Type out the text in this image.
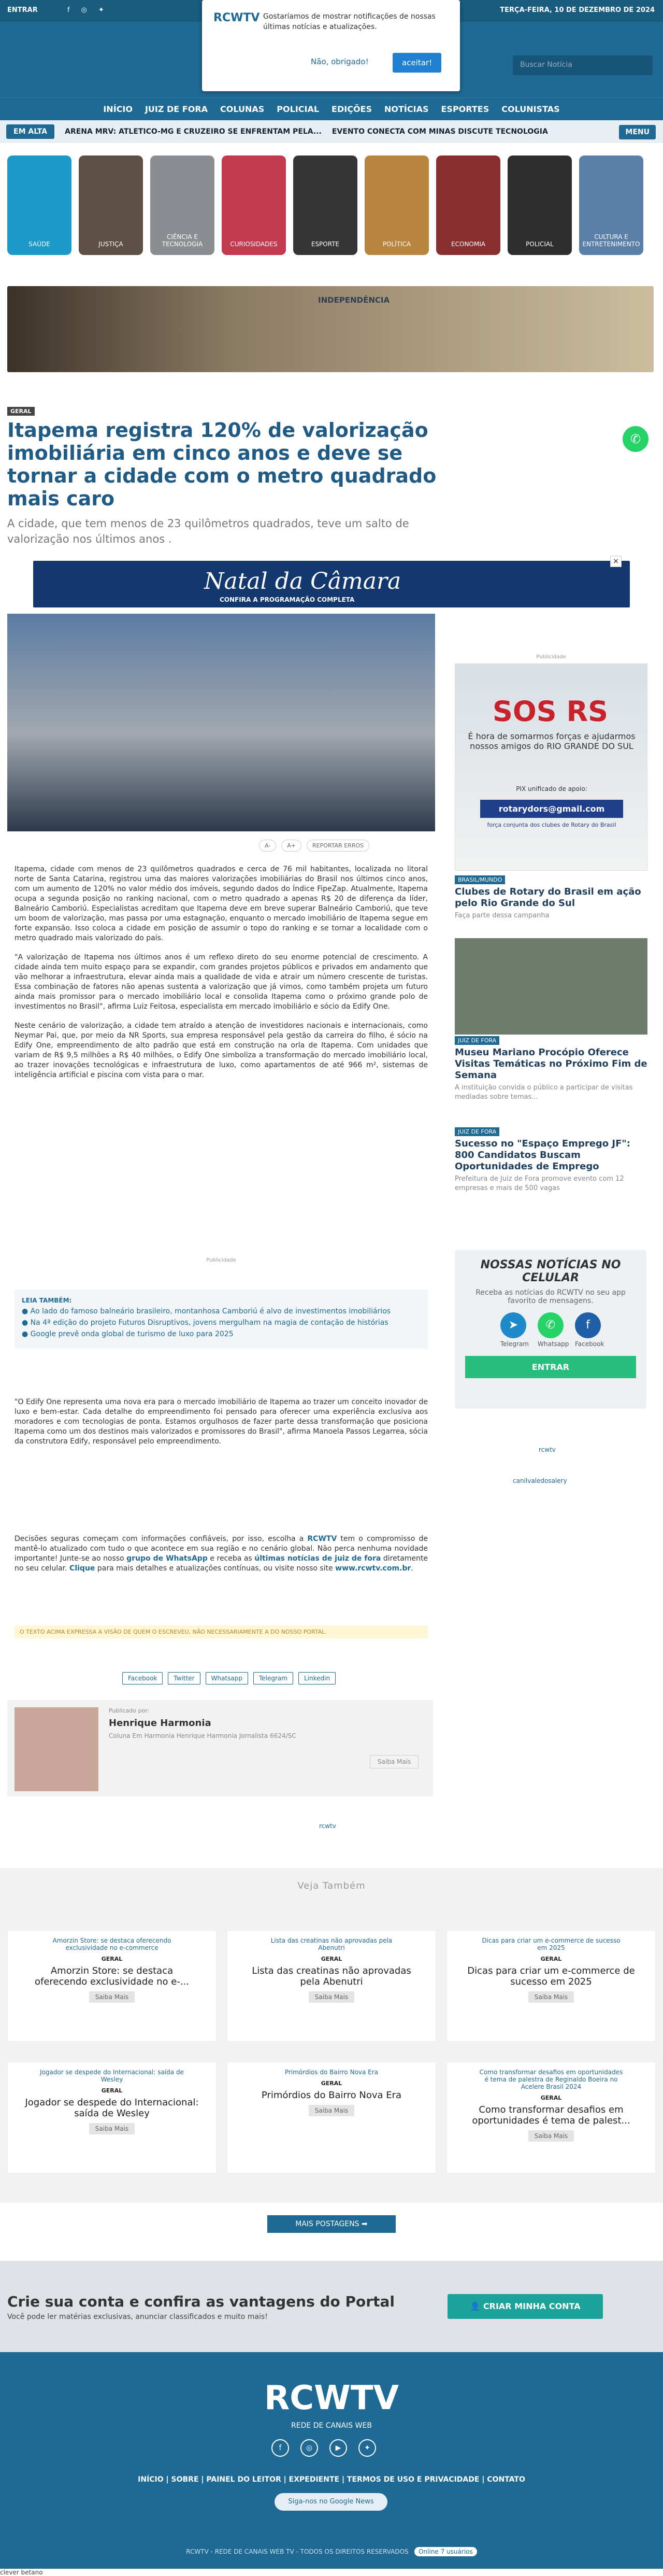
ENTRAR	f ◎ ✦	TERÇA-FEIRA, 10 DE DEZEMBRO DE 2024
Buscar Notícia
INÍCIO JUIZ DE FORA COLUNAS POLICIAL EDIÇÕES NOTÍCIAS ESPORTES COLUNISTAS
EM ALTA	ARENA MRV: ATLETICO-MG E CRUZEIRO SE ENFRENTAM PELA... EVENTO CONECTA COM MINAS DISCUTE TECNOLOGIA	MENU
RCWTV Gostaríamos de mostrar notificações de nossas últimas notícias e atualizações.
Não, obrigado!	aceitar!
SAÚDE	JUSTIÇA
CIÊNCIA E TECNOLOGIA	CURIOSIDADES	ESPORTE	POLÍTICA	ECONOMIA	POLICIAL
CULTURA E ENTRETENIMENTO
INDEPENDÊNCIA
GERAL
Itapema registra 120% de valorização imobiliária em cinco anos e deve se tornar a cidade com o metro quadrado mais caro

A cidade, que tem menos de 23 quilômetros quadrados, teve um salto de valorização nos últimos anos .

✆
Natal da Câmara
CONFIRA A PROGRAMAÇÃO COMPLETA
×
A-	A+	REPORTAR ERROS

Itapema, cidade com menos de 23 quilômetros quadrados e cerca de 76 mil habitantes, localizada no litoral norte de Santa Catarina, registrou uma das maiores valorizações imobiliárias do Brasil nos últimos cinco anos, com um aumento de 120% no valor médio dos imóveis, segundo dados do Índice FipeZap. Atualmente, Itapema ocupa a segunda posição no ranking nacional, com o metro quadrado a apenas R$ 20 de diferença da líder, Balneário Camboriú. Especialistas acreditam que Itapema deve em breve superar Balneário Camboriú, que teve um boom de valorização, mas passa por uma estagnação, enquanto o mercado imobiliário de Itapema segue em forte expansão. Isso coloca a cidade em posição de assumir o topo do ranking e se tornar a localidade com o metro quadrado mais valorizado do país.

"A valorização de Itapema nos últimos anos é um reflexo direto do seu enorme potencial de crescimento. A cidade ainda tem muito espaço para se expandir, com grandes projetos públicos e privados em andamento que vão melhorar a infraestrutura, elevar ainda mais a qualidade de vida e atrair um número crescente de turistas. Essa combinação de fatores não apenas sustenta a valorização que já vimos, como também projeta um futuro ainda mais promissor para o mercado imobiliário local e consolida Itapema como o próximo grande polo de investimentos no Brasil", afirma Luiz Feitosa, especialista em mercado imobiliário e sócio da Edify One.

Neste cenário de valorização, a cidade tem atraído a atenção de investidores nacionais e internacionais, como Neymar Pai, que, por meio da NR Sports, sua empresa responsável pela gestão da carreira do filho, é sócio na Edify One, empreendimento de alto padrão que está em construção na orla de Itapema. Com unidades que variam de R$ 9,5 milhões a R$ 40 milhões, o Edify One simboliza a transformação do mercado imobiliário local, ao trazer inovações tecnológicas e infraestrutura de luxo, como apartamentos de até 966 m², sistemas de inteligência artificial e piscina com vista para o mar.

Publicidade
LEIA TAMBÉM:
● Ao lado do famoso balneário brasileiro, montanhosa Camboriú é alvo de investimentos imobiliários
● Na 4ª edição do projeto Futuros Disruptivos, jovens mergulham na magia de contação de histórias
● Google prevê onda global de turismo de luxo para 2025

"O Edify One representa uma nova era para o mercado imobiliário de Itapema ao trazer um conceito inovador de luxo e bem-estar. Cada detalhe do empreendimento foi pensado para oferecer uma experiência exclusiva aos moradores e com tecnologias de ponta. Estamos orgulhosos de fazer parte dessa transformação que posiciona Itapema como um dos destinos mais valorizados e promissores do Brasil", afirma Manoela Passos Legarrea, sócia da construtora Edify, responsável pelo empreendimento.

Decisões seguras começam com informações confiáveis, por isso, escolha a RCWTV tem o compromisso de mantê-lo atualizado com tudo o que acontece em sua região e no cenário global. Não perca nenhuma novidade importante! Junte-se ao nosso grupo de WhatsApp e receba as últimas notícias de juiz de fora diretamente no seu celular. Clique para mais detalhes e atualizações contínuas, ou visite nosso site www.rcwtv.com.br.

O TEXTO ACIMA EXPRESSA A VISÃO DE QUEM O ESCREVEU, NÃO NECESSARIAMENTE A DO NOSSO PORTAL.
Facebook	Twitter	Whatsapp	Telegram	Linkedin
Publicado por:
Henrique Harmonia
Coluna Em Harmonia Henrique Harmonia Jornalista 6624/SC
Saiba Mais
Publicidade
SOS RS
É hora de somarmos forças e ajudarmos nossos amigos do RIO GRANDE DO SUL
PIX unificado de apoio:
rotarydors@gmail.com
força conjunta dos clubes de Rotary do Brasil
BRASIL/MUNDO
Clubes de Rotary do Brasil em ação pelo Rio Grande do Sul
Faça parte dessa campanha
JUIZ DE FORA
Museu Mariano Procópio Oferece Visitas Temáticas no Próximo Fim de Semana
A instituição convida o público a participar de visitas mediadas sobre temas...
JUIZ DE FORA
Sucesso no "Espaço Emprego JF": 800 Candidatos Buscam Oportunidades de Emprego
Prefeitura de Juiz de Fora promove evento com 12 empresas e mais de 500 vagas
NOSSAS NOTÍCIAS NO CELULAR

Receba as notícias do RCWTV no seu app favorito de mensagens.

➤
Telegram
✆
Whatsapp
f
Facebook
ENTRAR
rcwtv
canilvaledosalery
rcwtv
Veja Também
Amorzin Store: se destaca oferecendo exclusividade no e-commerce
GERAL
Amorzin Store: se destaca oferecendo exclusividade no e-...
Saiba Mais
Lista das creatinas não aprovadas pela Abenutri
GERAL
Lista das creatinas não aprovadas pela Abenutri
Saiba Mais
Dicas para criar um e-commerce de sucesso em 2025
GERAL
Dicas para criar um e-commerce de sucesso em 2025
Saiba Mais
Jogador se despede do Internacional: saída de Wesley
GERAL
Jogador se despede do Internacional: saída de Wesley
Saiba Mais
Primórdios do Bairro Nova Era
GERAL
Primórdios do Bairro Nova Era
Saiba Mais
Como transformar desafios em oportunidades é tema de palestra de Reginaldo Boeira no Acelere Brasil 2024
GERAL
Como transformar desafios em oportunidades é tema de palest...
Saiba Mais
MAIS POSTAGENS ➡
Crie sua conta e confira as vantagens do Portal
Você pode ler matérias exclusivas, anunciar classificados e muito mais!
👤 CRIAR MINHA CONTA
RCWTV
REDE DE CANAIS WEB
f	◎	▶	✦
INÍCIO | SOBRE | PAINEL DO LEITOR | EXPEDIENTE | TERMOS DE USO E PRIVACIDADE | CONTATO
Siga-nos no Google News
RCWTV - REDE DE CANAIS WEB TV - TODOS OS DIREITOS RESERVADOS Online 7 usuários
clever betano
